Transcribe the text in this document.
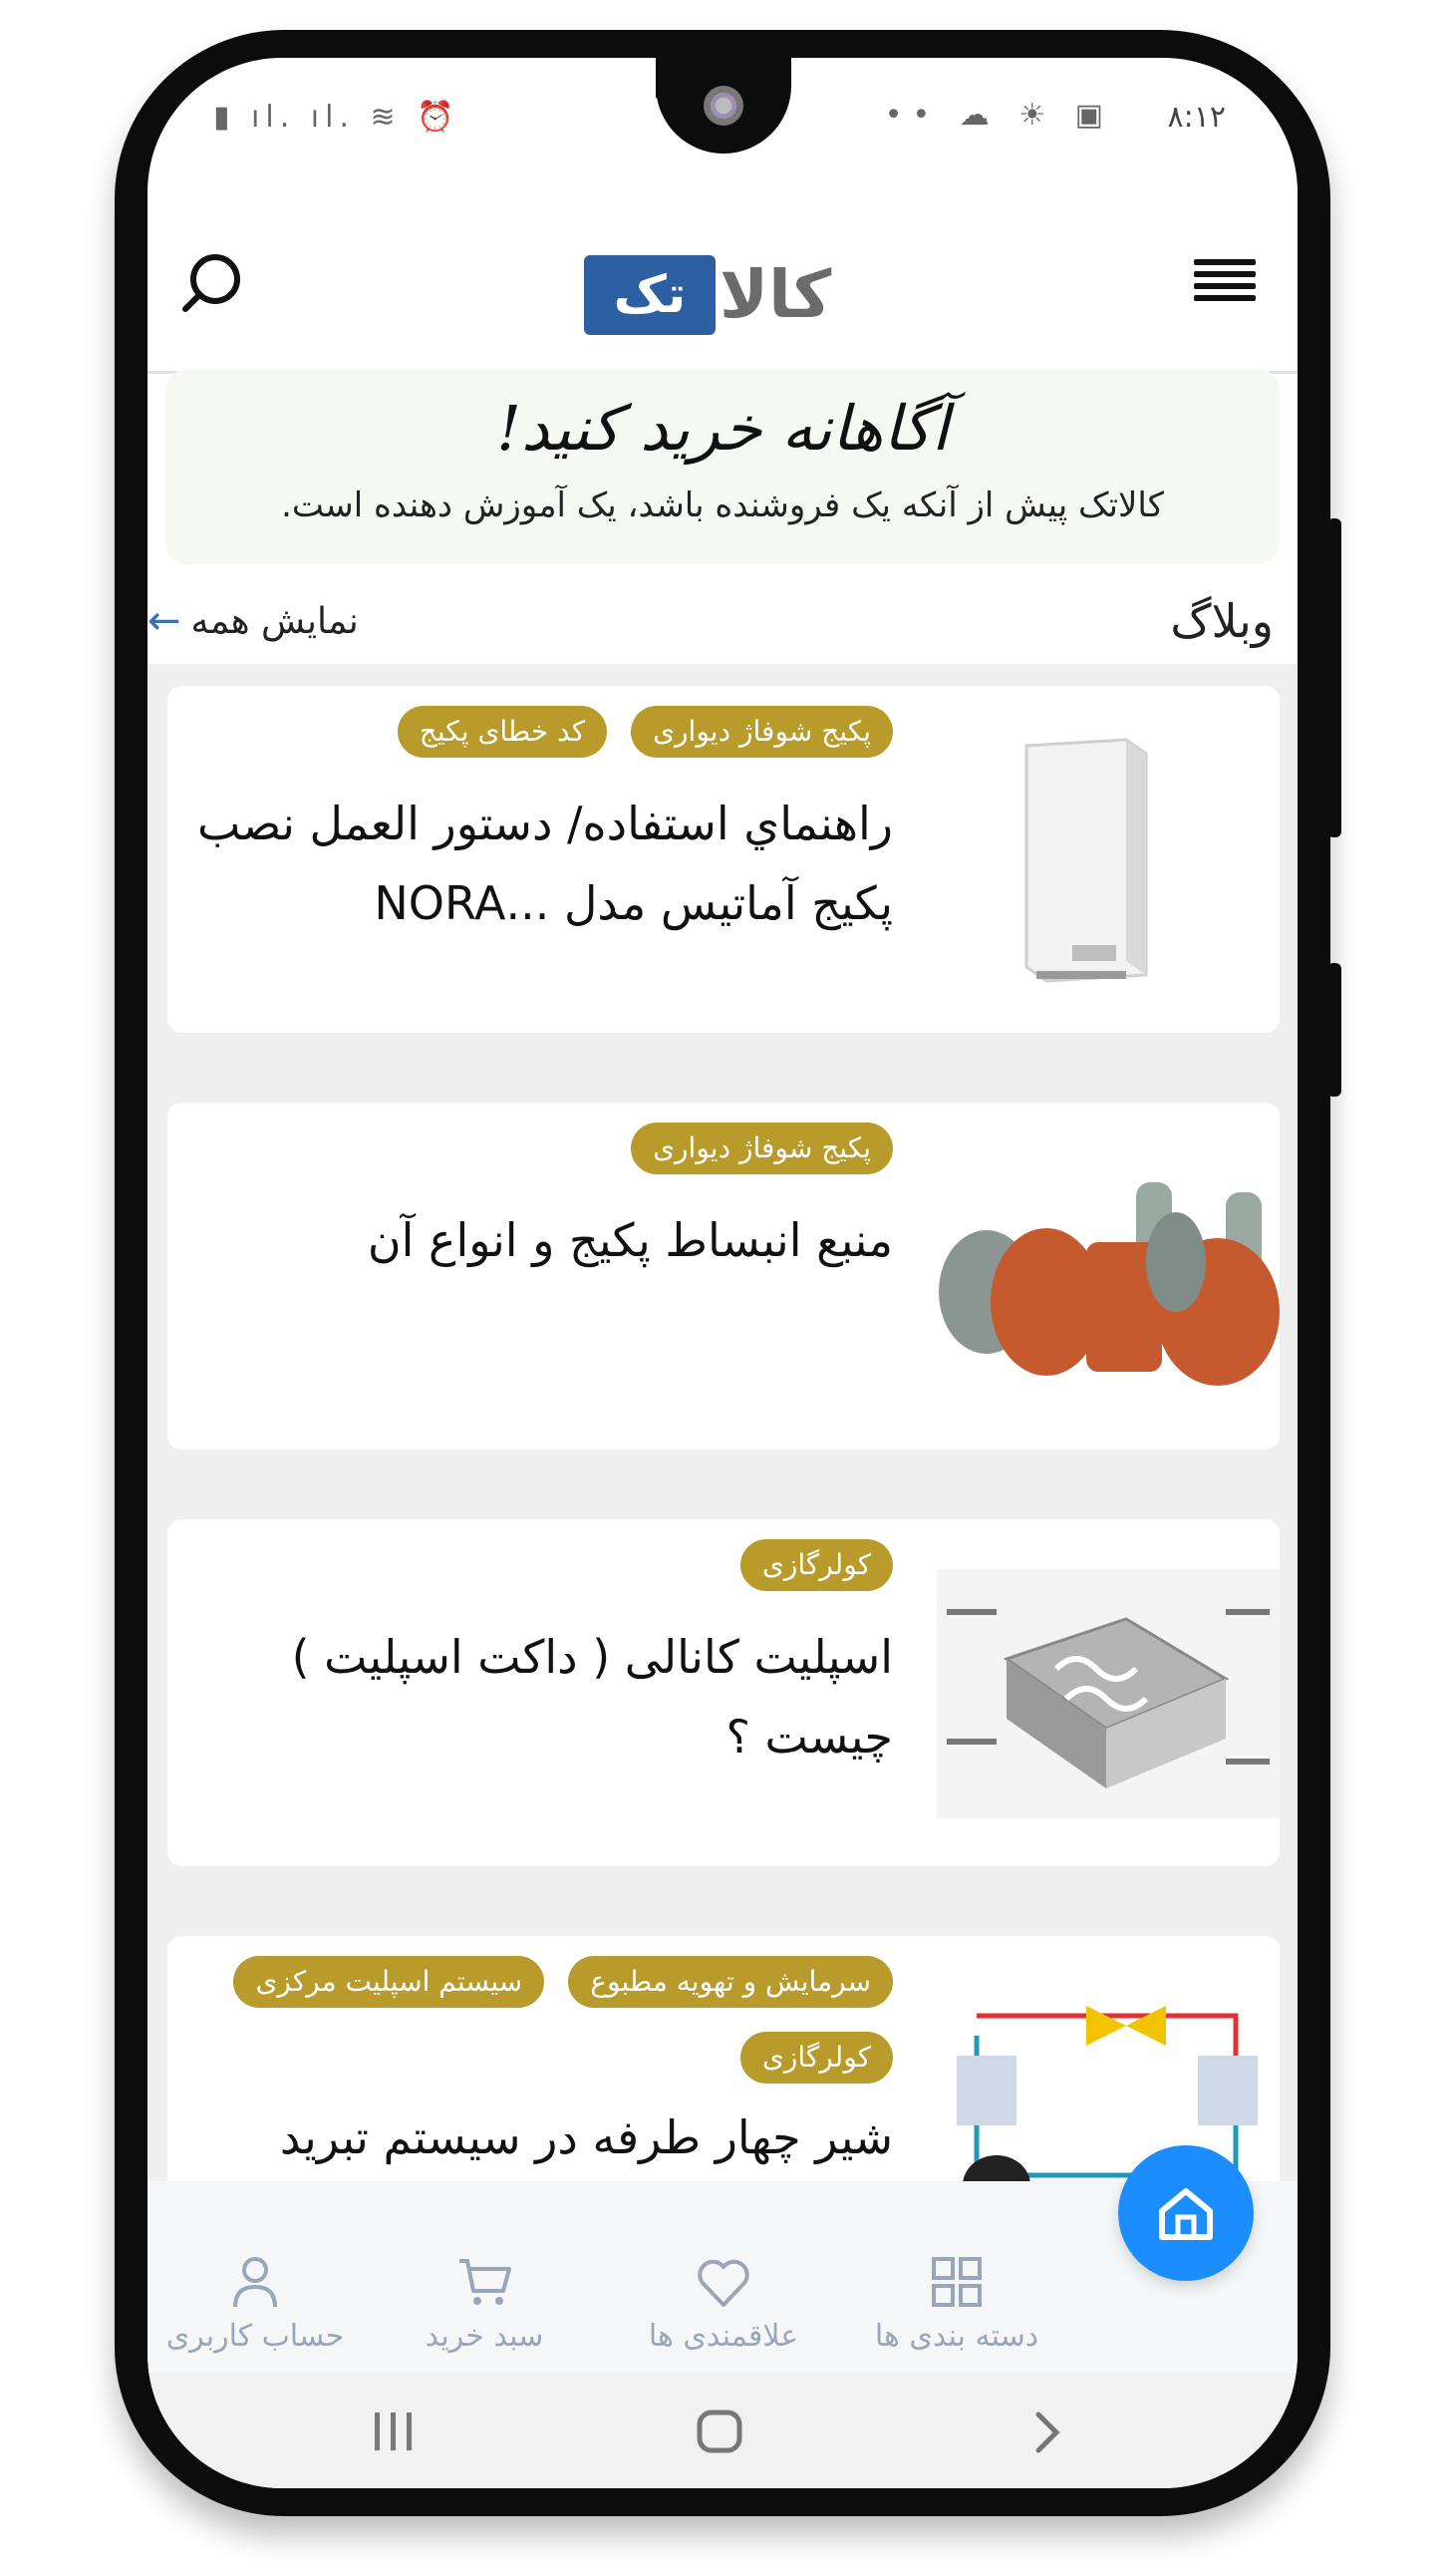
▮ ıl. ıl. ≋ ⏰	•• ☁ ☀ ▣ ٨:١٢
تک کالا
آگاهانه خرید کنید!
کالاتک پیش از آنکه یک فروشنده باشد، یک آموزش دهنده است.
وبلاگ
نمایش همه
←
پکیج شوفاژ دیواری
کد خطای پکیج
راهنماي استفاده/ دستور العمل نصب پکیج آماتیس مدل ...NORA
پکیج شوفاژ دیواری
منبع انبساط پکیج و انواع آن
کولرگازی
اسپلیت کانالی ( داکت اسپلیت ) چیست ؟
سرمایش و تهویه مطبوع
سیستم اسپلیت مرکزی
کولرگازی
شیر چهار طرفه در سیستم تبرید
حساب کاربری	سبد خرید	علاقمندی ها	دسته بندی ها
